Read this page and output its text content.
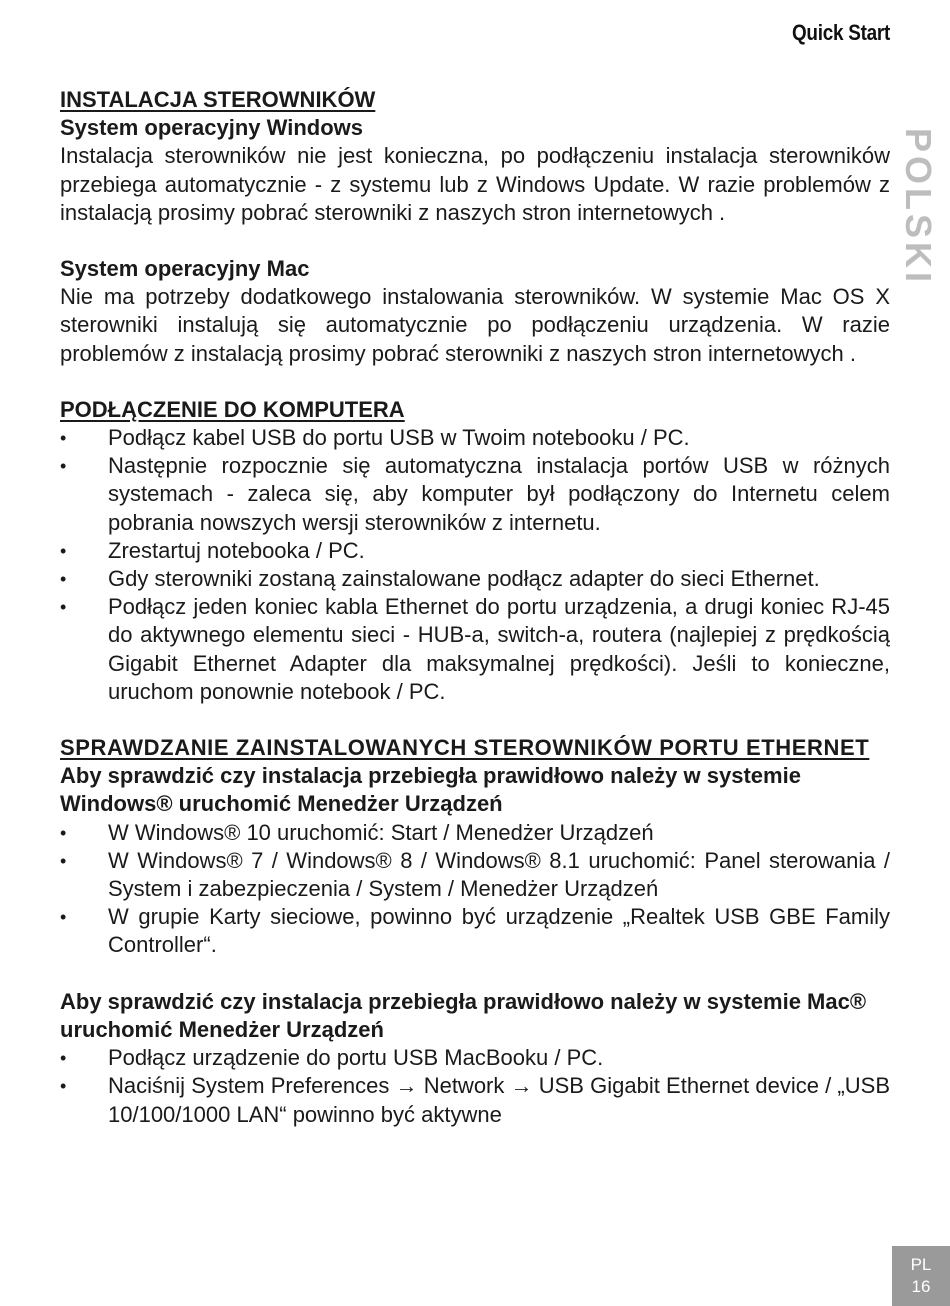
Quick Start
POLSKI

INSTALACJA STEROWNIKÓW

System operacyjny Windows

Instalacja sterowników nie jest konieczna, po podłączeniu instalacja sterowników przebiega automatycznie - z systemu lub z Windows Update. W razie problemów z instalacją prosimy pobrać sterowniki z naszych stron internetowych .

System operacyjny Mac

Nie ma potrzeby dodatkowego instalowania sterowników. W systemie Mac OS X sterowniki instalują się automatycznie po podłączeniu urządzenia. W razie problemów z instalacją prosimy pobrać sterowniki z naszych stron internetowych .

PODŁĄCZENIE DO KOMPUTERA

• Podłącz kabel USB do portu USB w Twoim notebooku / PC.
• Następnie rozpocznie się automatyczna instalacja portów USB w różnych systemach - zaleca się, aby komputer był podłączony do Internetu celem pobrania nowszych wersji sterowników z internetu.
• Zrestartuj notebooka / PC.
• Gdy sterowniki zostaną zainstalowane podłącz adapter do sieci Ethernet.
• Podłącz jeden koniec kabla Ethernet do portu urządzenia, a drugi koniec RJ-45 do aktywnego elementu sieci - HUB-a, switch-a, routera (najlepiej z prędkością Gigabit Ethernet Adapter dla maksymalnej prędkości). Jeśli to konieczne, uruchom ponownie notebook / PC.

SPRAWDZANIE ZAINSTALOWANYCH STEROWNIKÓW PORTU ETHERNET

Aby sprawdzić czy instalacja przebiegła prawidłowo należy w systemie Windows® uruchomić Menedżer Urządzeń

• W Windows® 10 uruchomić: Start / Menedżer Urządzeń
• W Windows® 7 / Windows® 8 / Windows® 8.1 uruchomić: Panel sterowania / System i zabezpieczenia / System / Menedżer Urządzeń
• W grupie Karty sieciowe, powinno być urządzenie „Realtek USB GBE Family Controller“.

Aby sprawdzić czy instalacja przebiegła prawidłowo należy w systemie Mac® uruchomić Menedżer Urządzeń

• Podłącz urządzenie do portu USB MacBooku / PC.
• Naciśnij System Preferences → Network → USB Gigabit Ethernet device / „USB 10/100/1000 LAN“ powinno być aktywne
PL
16
